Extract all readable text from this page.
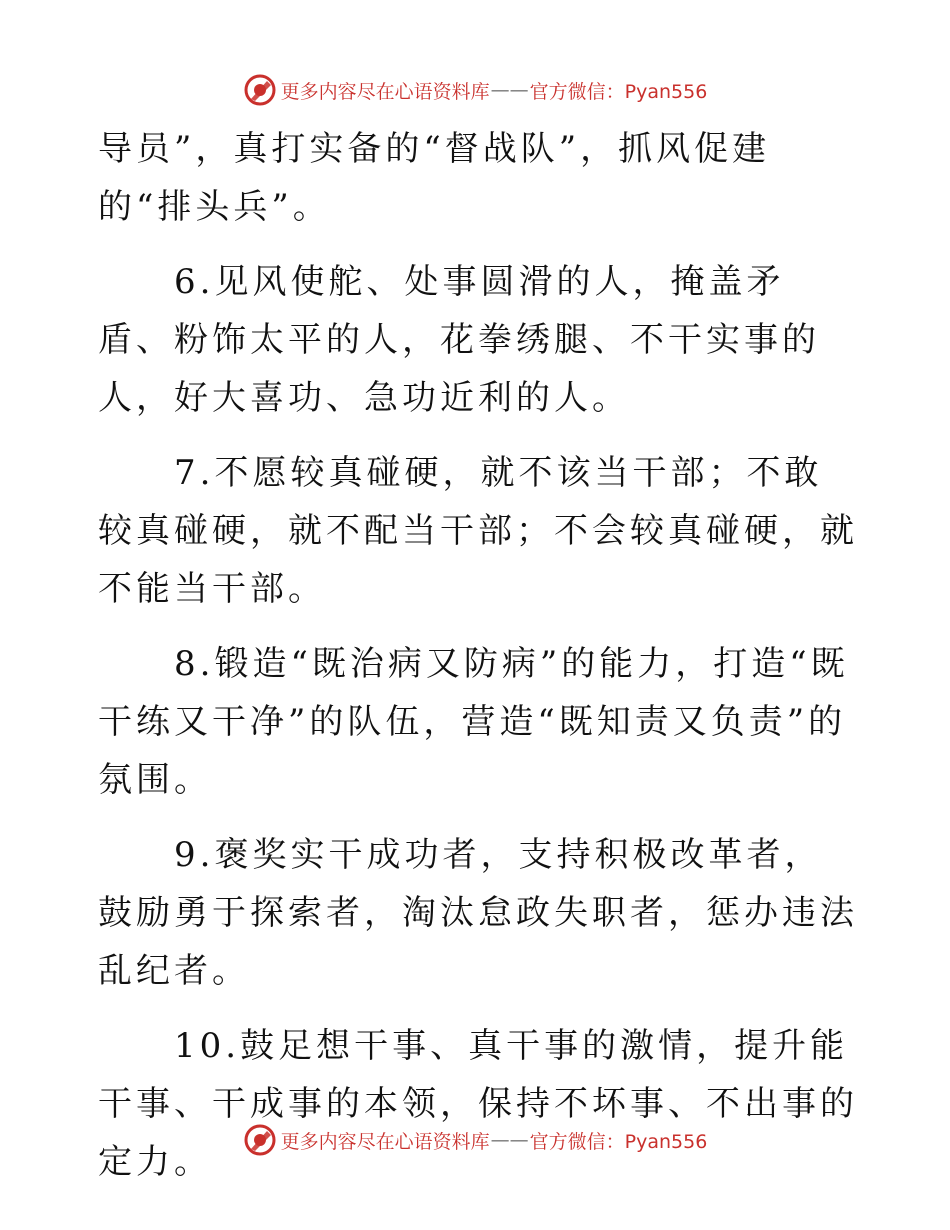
更多内容尽在心语资料库 —— 官方微信：Pyan556

导员”，真打实备的“督战队”，抓风促建的“排头兵”。

6.见风使舵、处事圆滑的人，掩盖矛盾、粉饰太平的人，花拳绣腿、不干实事的人，好大喜功、急功近利的人。

7.不愿较真碰硬，就不该当干部；不敢较真碰硬，就不配当干部；不会较真碰硬，就不能当干部。

8.锻造“既治病又防病”的能力，打造“既干练又干净”的队伍，营造“既知责又负责”的氛围。

9.褒奖实干成功者，支持积极改革者，鼓励勇于探索者，淘汰怠政失职者，惩办违法乱纪者。

10.鼓足想干事、真干事的激情，提升能干事、干成事的本领，保持不坏事、不出事的定力。

更多内容尽在心语资料库 —— 官方微信：Pyan556
